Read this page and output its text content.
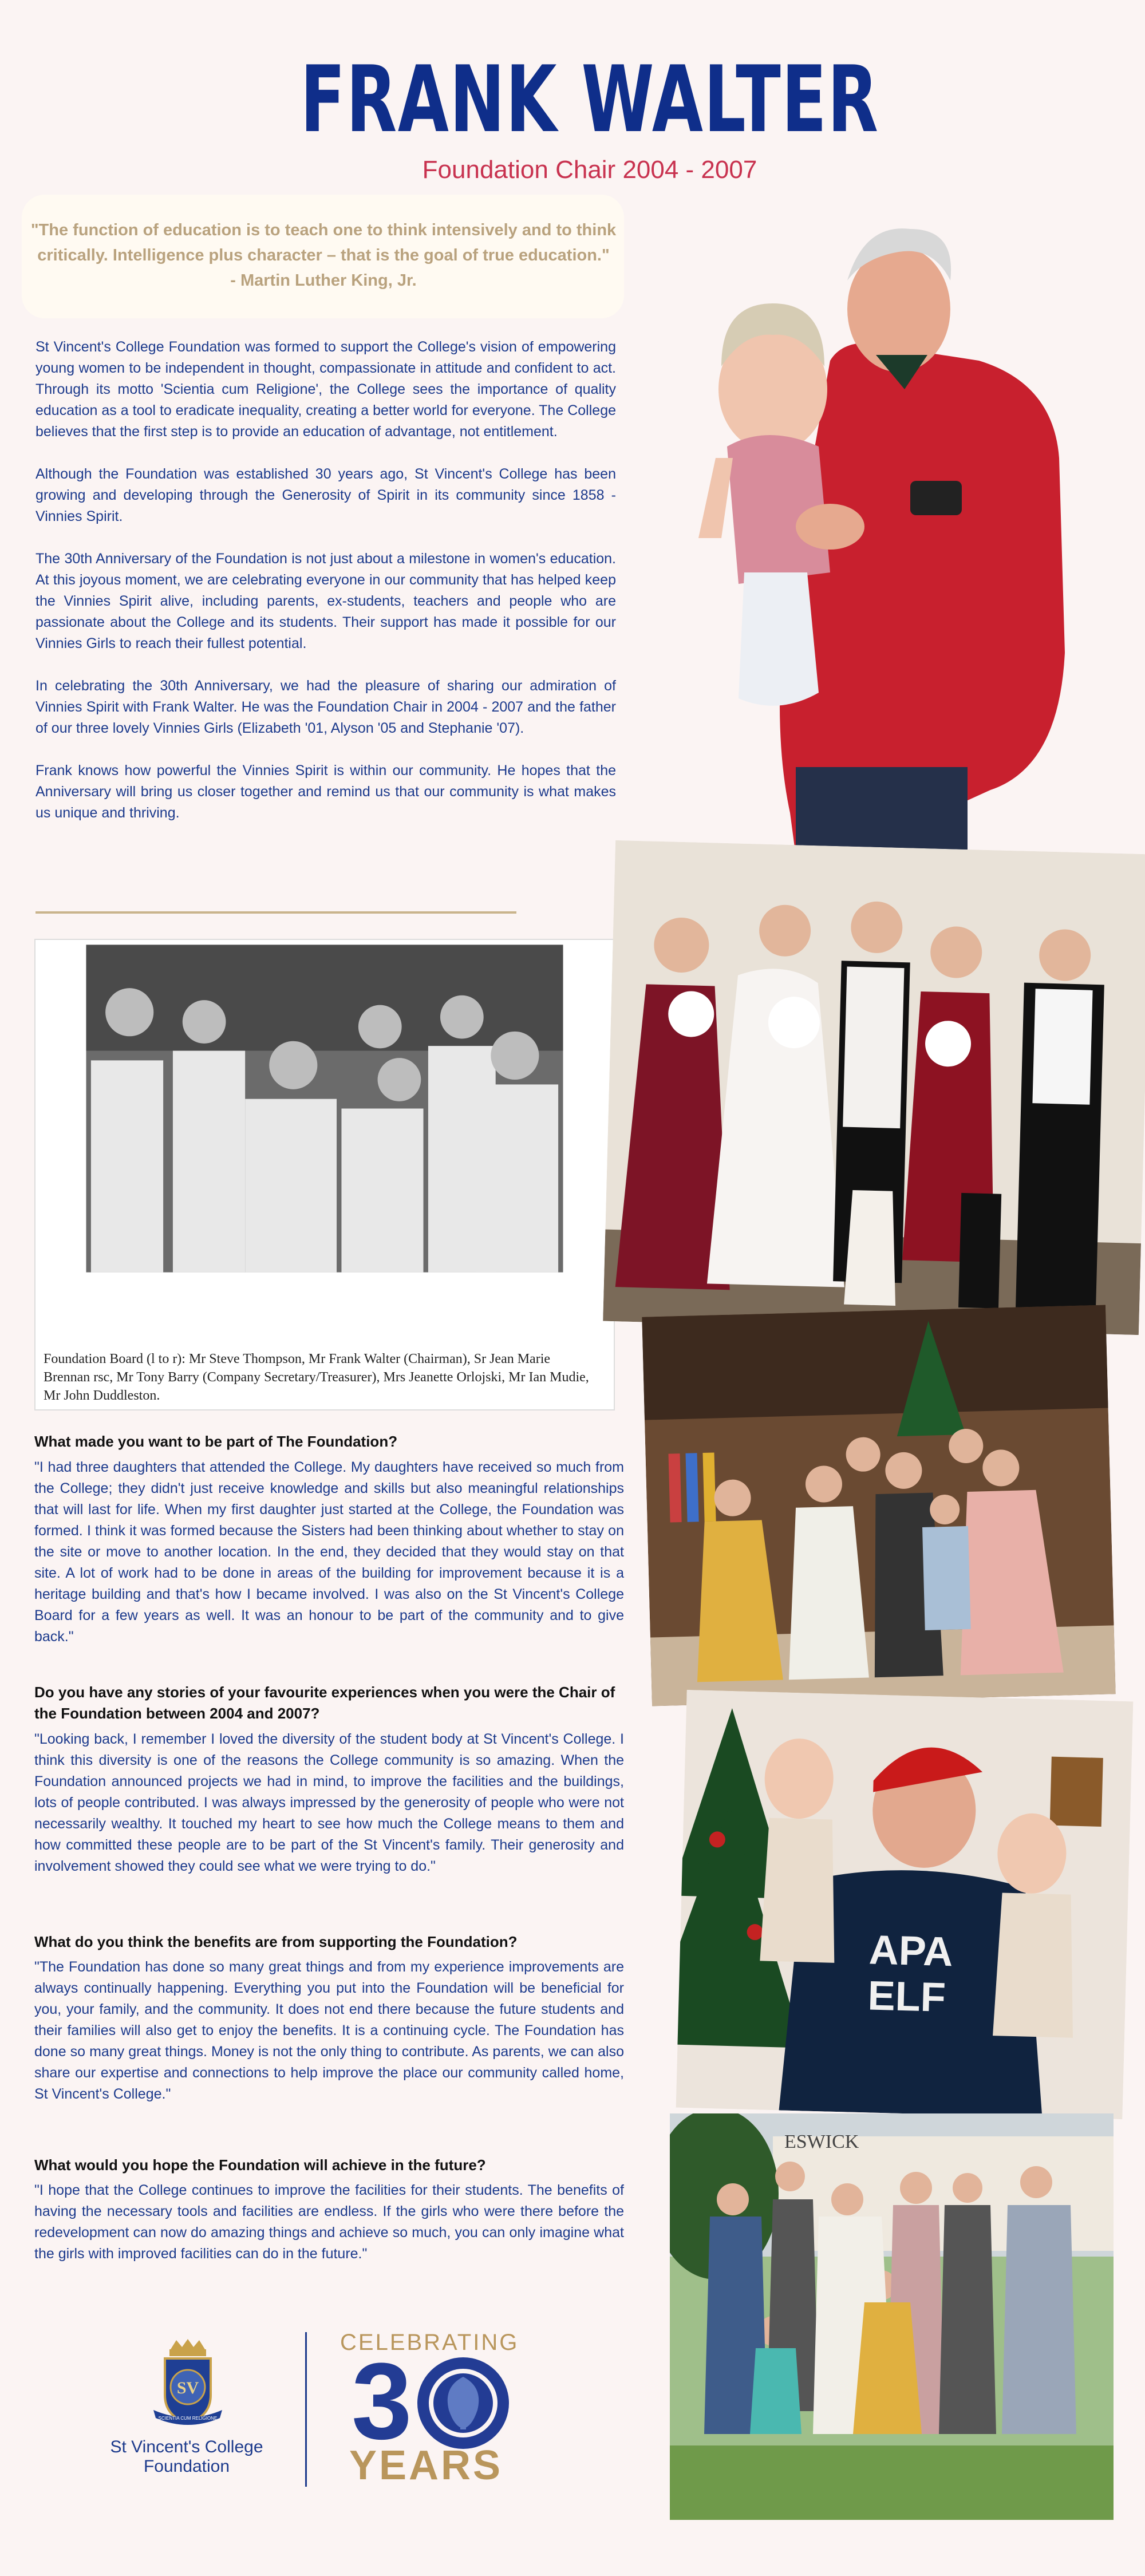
FRANK WALTER
Foundation Chair 2004 - 2007
"The function of education is to teach one to think intensively and to think critically. Intelligence plus character – that is the goal of true education."
- Martin Luther King, Jr.

St Vincent's College Foundation was formed to support the College's vision of empowering young women to be independent in thought, compassionate in attitude and confident to act. Through its motto 'Scientia cum Religione', the College sees the importance of quality education as a tool to eradicate inequality, creating a better world for everyone. The College believes that the first step is to provide an education of advantage, not entitlement.

Although the Foundation was established 30 years ago, St Vincent's College has been growing and developing through the Generosity of Spirit in its community since 1858 - Vinnies Spirit.

The 30th Anniversary of the Foundation is not just about a milestone in women's education. At this joyous moment, we are celebrating everyone in our community that has helped keep the Vinnies Spirit alive, including parents, ex-students, teachers and people who are passionate about the College and its students. Their support has made it possible for our Vinnies Girls to reach their fullest potential.

In celebrating the 30th Anniversary, we had the pleasure of sharing our admiration of Vinnies Spirit with Frank Walter. He was the Foundation Chair in 2004 - 2007 and the father of our three lovely Vinnies Girls (Elizabeth '01, Alyson '05 and Stephanie '07).

Frank knows how powerful the Vinnies Spirit is within our community. He hopes that the Anniversary will bring us closer together and remind us that our community is what makes us unique and thriving.

Foundation Board (l to r): Mr Steve Thompson, Mr Frank Walter (Chairman), Sr Jean Marie Brennan rsc, Mr Tony Barry (Company Secretary/Treasurer), Mrs Jeanette Orlojski, Mr Ian Mudie, Mr John Duddleston.
APA
ELF
ESWICK
What made you want to be part of The Foundation?
"I had three daughters that attended the College. My daughters have received so much from the College; they didn't just receive knowledge and skills but also meaningful relationships that will last for life. When my first daughter just started at the College, the Foundation was formed. I think it was formed because the Sisters had been thinking about whether to stay on the site or move to another location. In the end, they decided that they would stay on that site. A lot of work had to be done in areas of the building for improvement because it is a heritage building and that's how I became involved. I was also on the St Vincent's College Board for a few years as well. It was an honour to be part of the community and to give back."
Do you have any stories of your favourite experiences when you were the Chair of the Foundation between 2004 and 2007?
"Looking back, I remember I loved the diversity of the student body at St Vincent's College. I think this diversity is one of the reasons the College community is so amazing. When the Foundation announced projects we had in mind, to improve the facilities and the buildings, lots of people contributed. I was always impressed by the generosity of people who were not necessarily wealthy. It touched my heart to see how much the College means to them and how committed these people are to be part of the St Vincent's family. Their generosity and involvement showed they could see what we were trying to do."
What do you think the benefits are from supporting the Foundation?
"The Foundation has done so many great things and from my experience improvements are always continually happening. Everything you put into the Foundation will be beneficial for you, your family, and the community. It does not end there because the future students and their families will also get to enjoy the benefits. It is a continuing cycle. The Foundation has done so many great things. Money is not the only thing to contribute. As parents, we can also share our expertise and connections to help improve the place our community called home, St Vincent's College."
What would you hope the Foundation will achieve in the future?
"I hope that the College continues to improve the facilities for their students. The benefits of having the necessary tools and facilities are endless. If the girls who were there before the redevelopment can now do amazing things and achieve so much, you can only imagine what the girls with improved facilities can do in the future."
SV
SCIENTIA CUM RELIGIONE
St Vincent's College Foundation
CELEBRATING
3
YEARS
